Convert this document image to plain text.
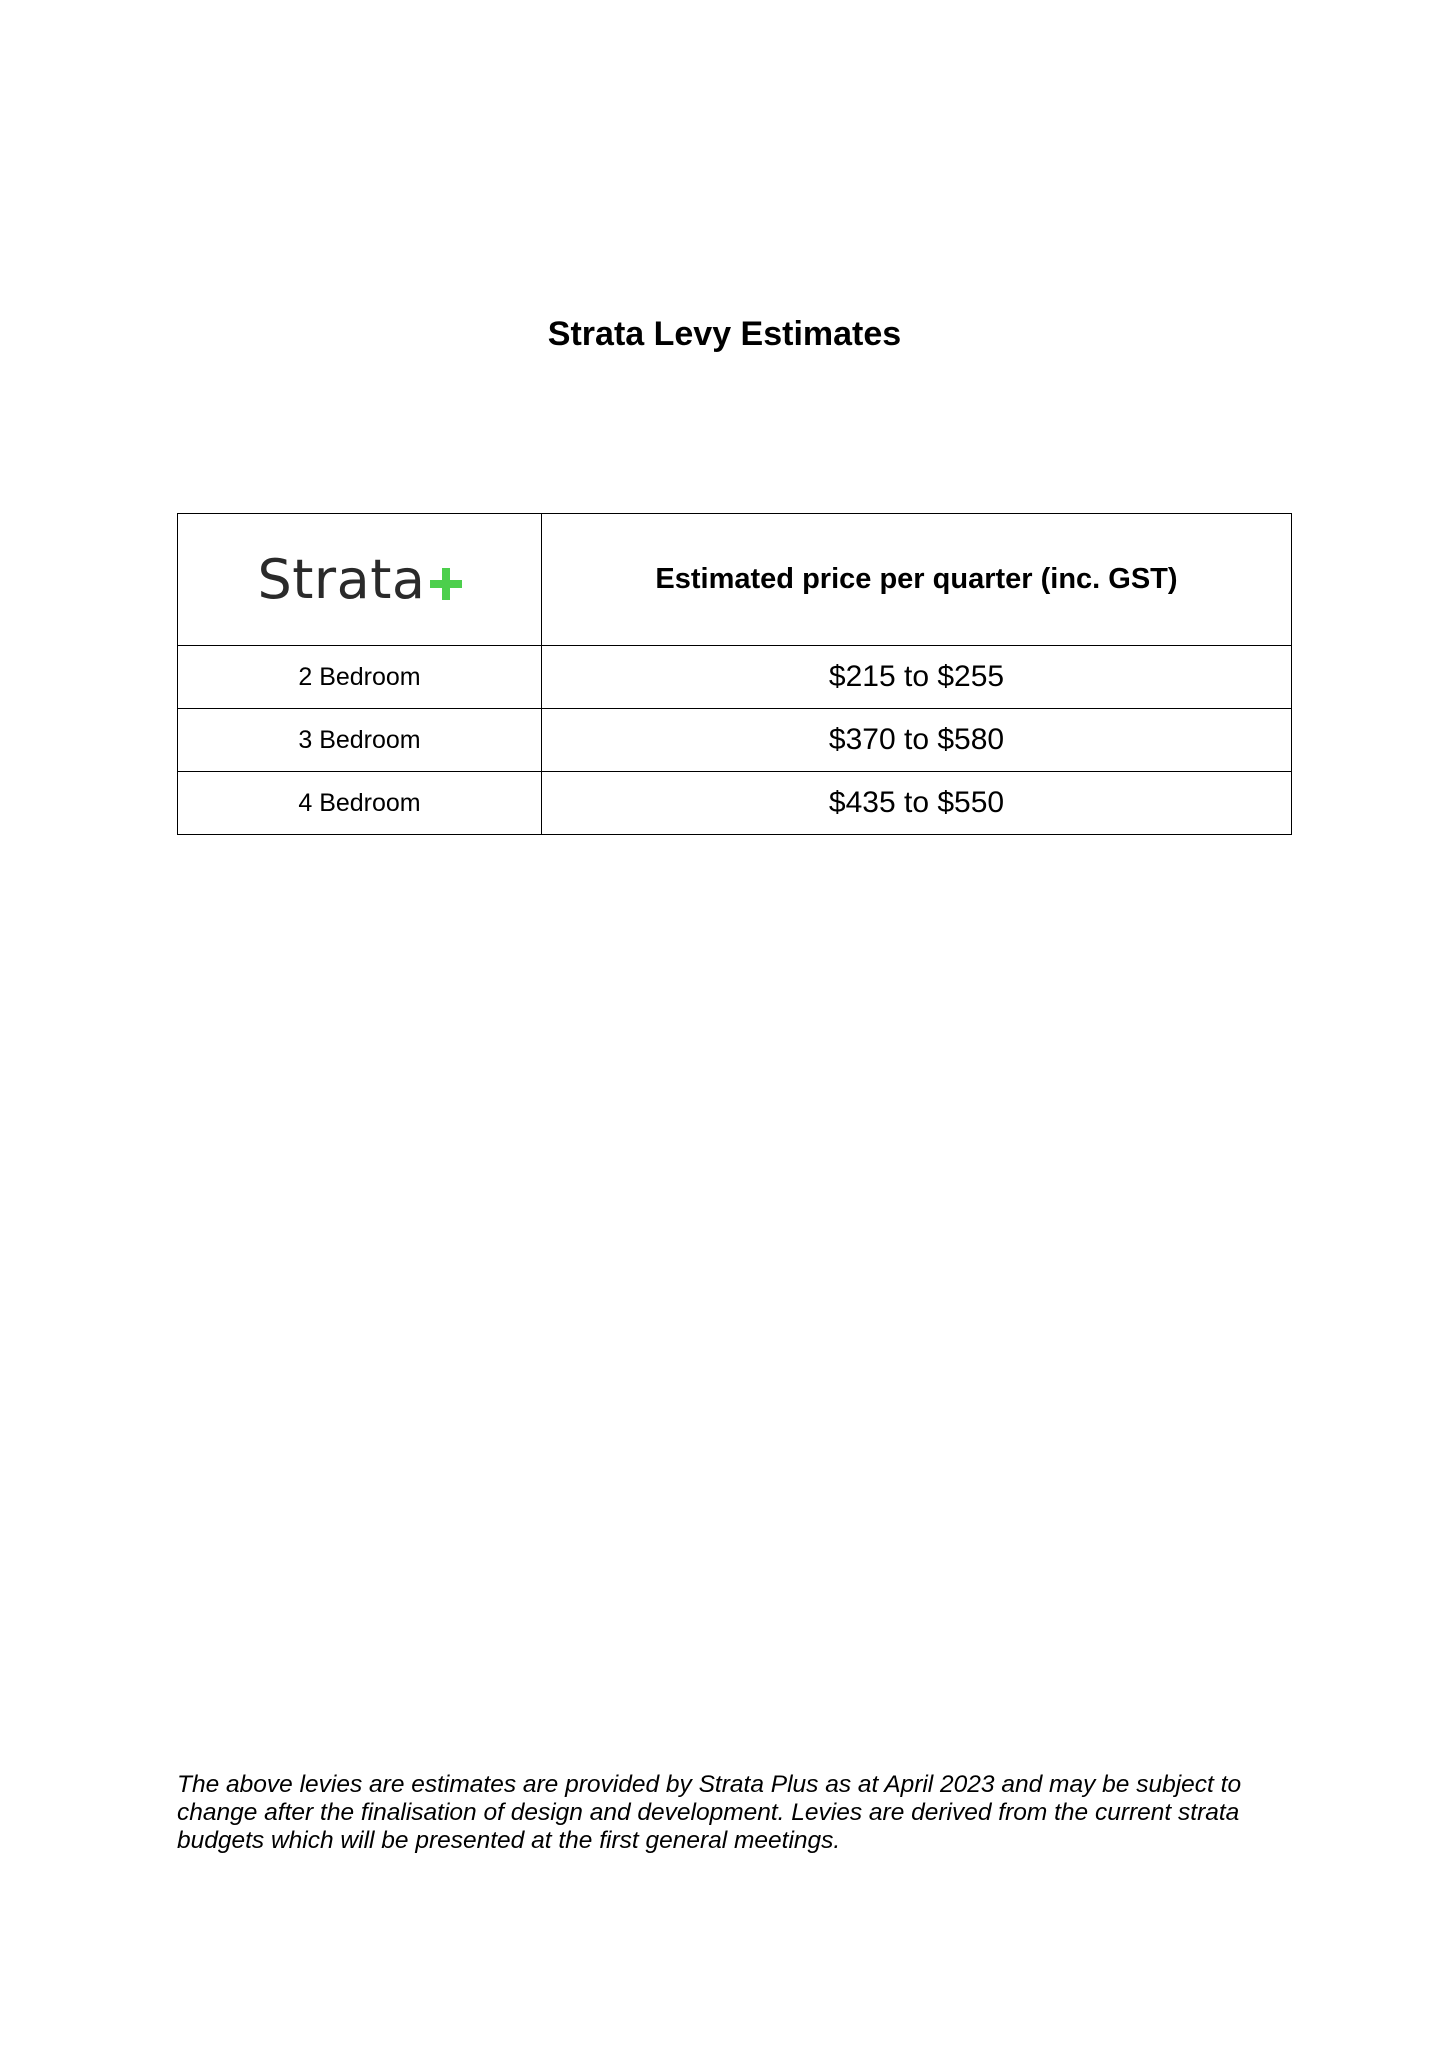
Strata Levy Estimates
Strata	Estimated price per quarter (inc. GST)
2 Bedroom	$215 to $255
3 Bedroom	$370 to $580
4 Bedroom	$435 to $550
The above levies are estimates are provided by Strata Plus as at April 2023 and may be subject to
change after the finalisation of design and development. Levies are derived from the current strata
budgets which will be presented at the first general meetings.
